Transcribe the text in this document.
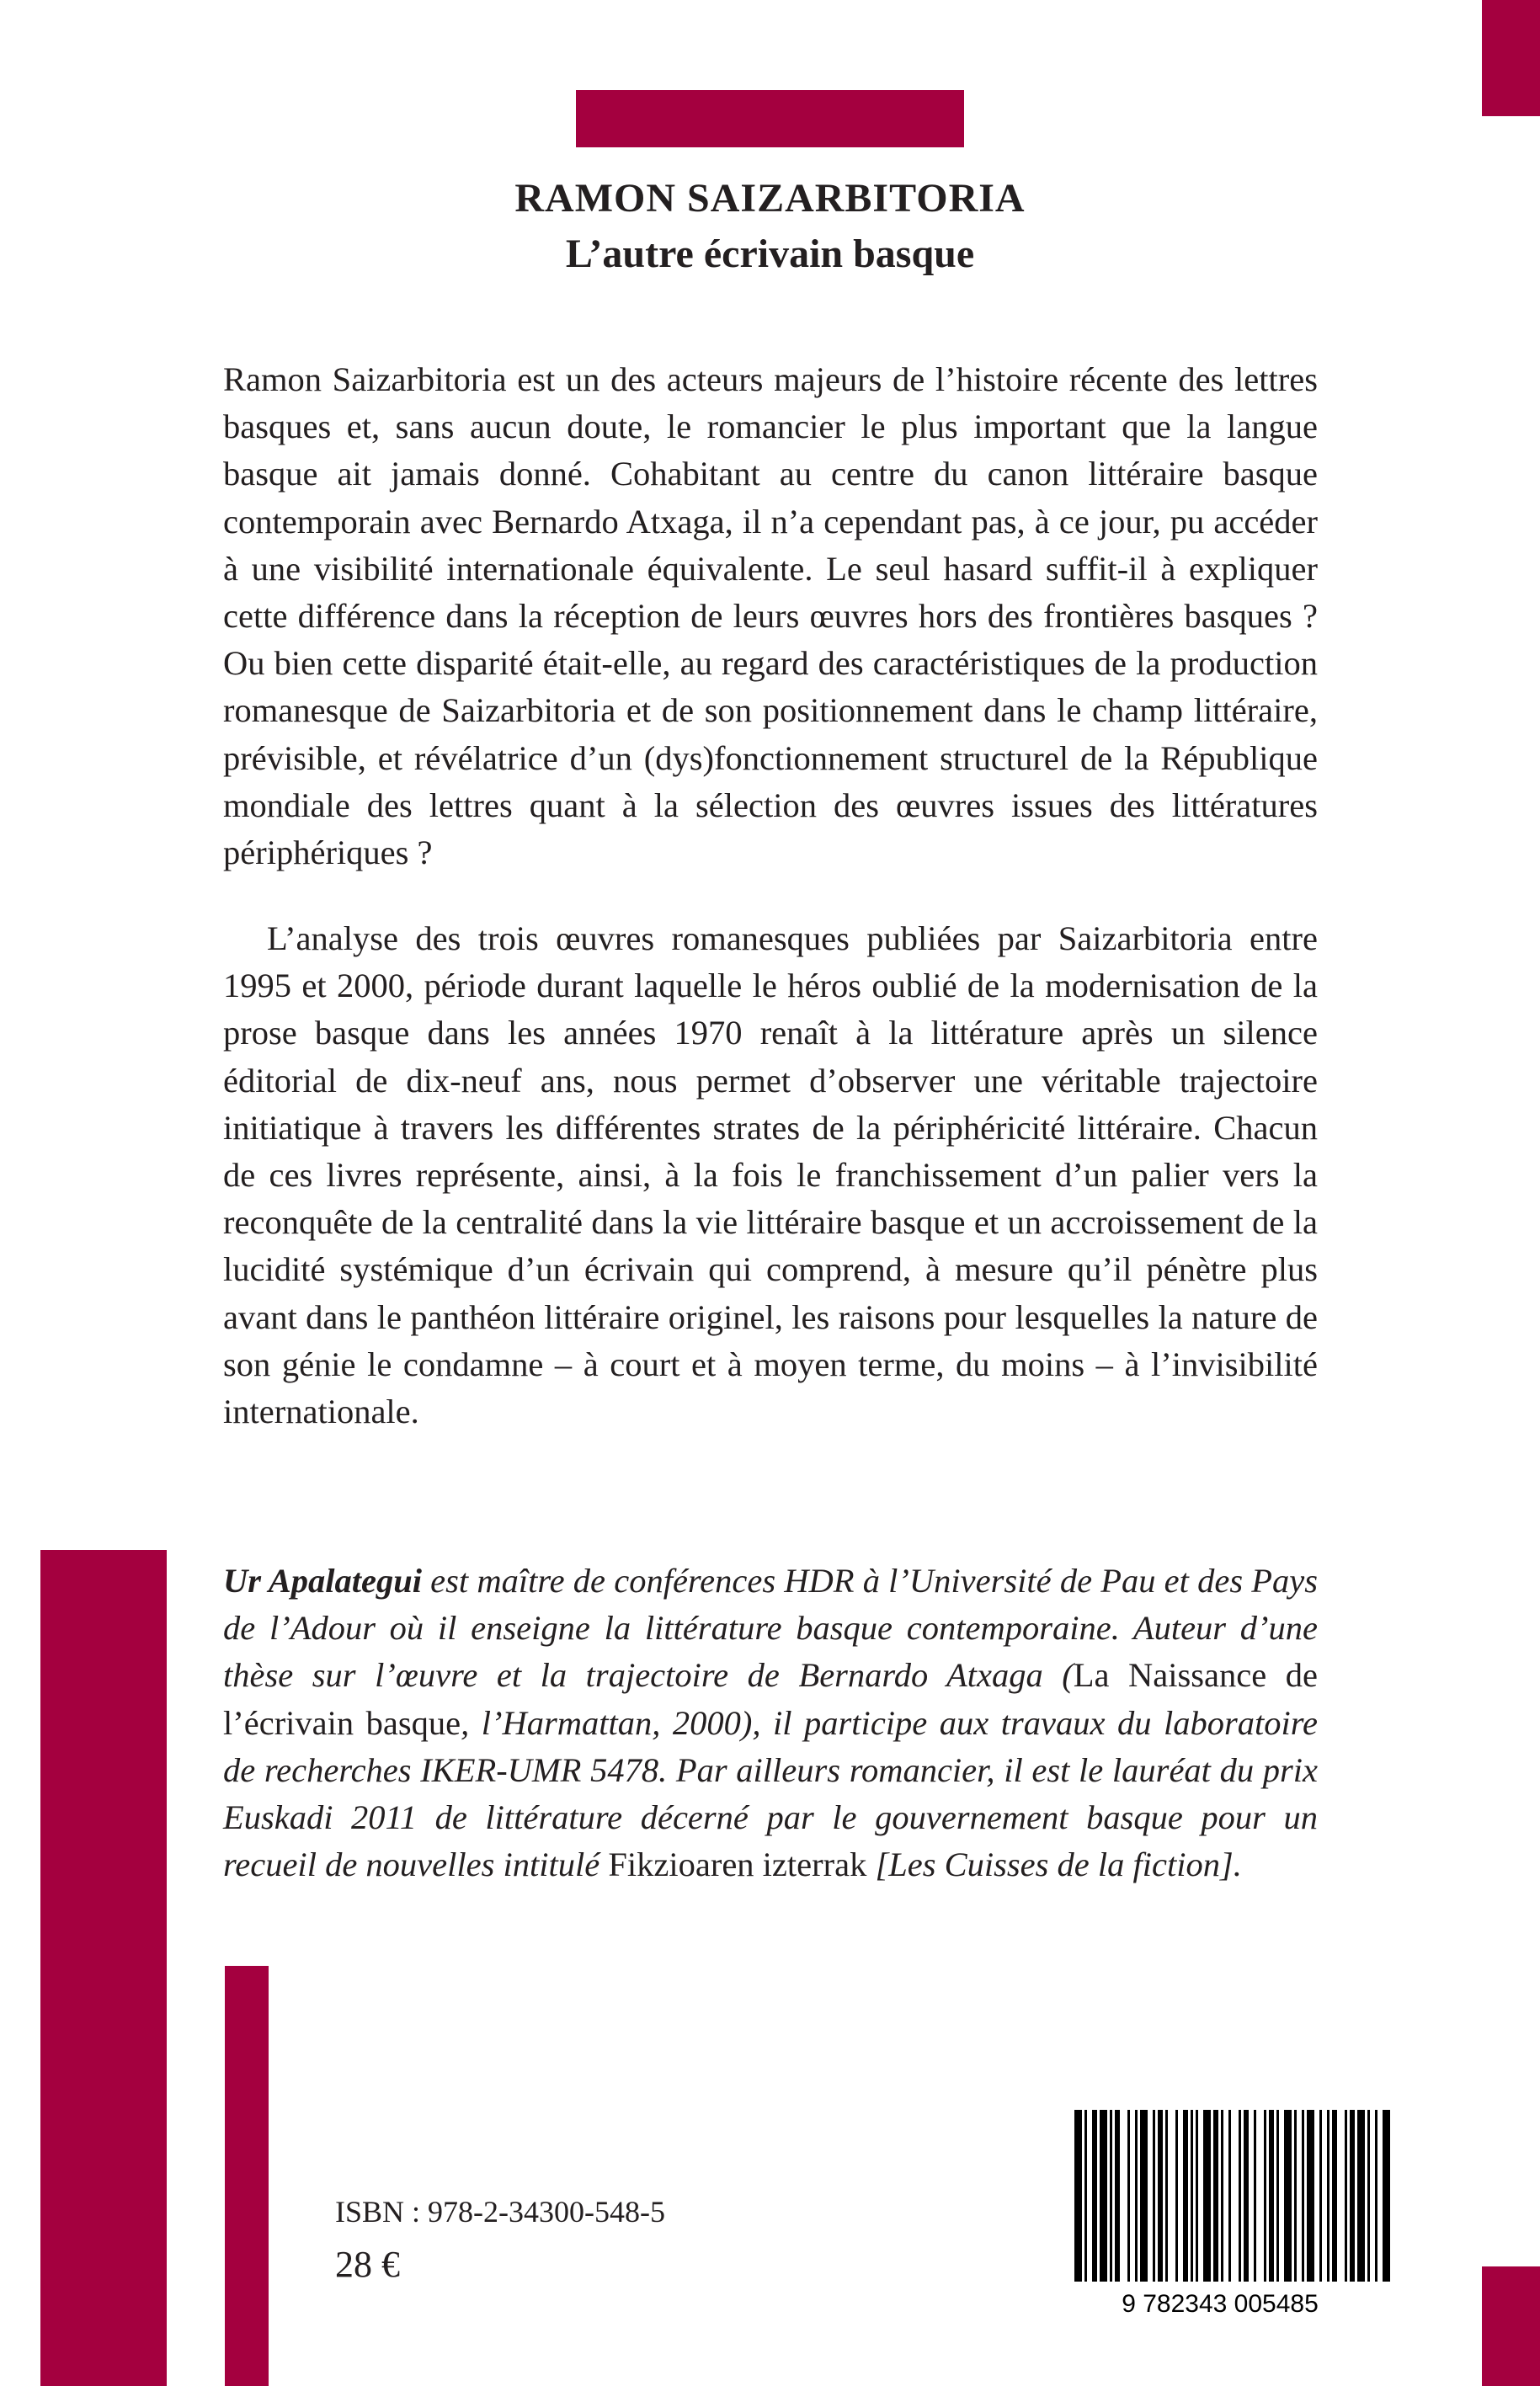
RAMON SAIZARBITORIA
L’autre écrivain basque

Ramon Saizarbitoria est un des acteurs majeurs de l’histoire récente des lettres basques et, sans aucun doute, le romancier le plus important que la langue basque ait jamais donné. Cohabitant au centre du canon littéraire basque contemporain avec Bernardo Atxaga, il n’a cependant pas, à ce jour, pu accéder à une visibilité internationale équivalente. Le seul hasard suffit-il à expliquer cette différence dans la réception de leurs œuvres hors des frontières basques ? Ou bien cette disparité était-elle, au regard des caractéristiques de la production romanesque de Saizarbitoria et de son positionnement dans le champ littéraire, prévisible, et révélatrice d’un (dys)fonctionnement structurel de la République mondiale des lettres quant à la sélection des œuvres issues des littératures périphériques ?

L’analyse des trois œuvres romanesques publiées par Saizarbitoria entre 1995 et 2000, période durant laquelle le héros oublié de la modernisation de la prose basque dans les années 1970 renaît à la littérature après un silence éditorial de dix-neuf ans, nous permet d’observer une véritable trajectoire initiatique à travers les différentes strates de la périphéricité littéraire. Chacun de ces livres représente, ainsi, à la fois le franchissement d’un palier vers la reconquête de la centralité dans la vie littéraire basque et un accroissement de la lucidité systémique d’un écrivain qui comprend, à mesure qu’il pénètre plus avant dans le panthéon littéraire originel, les raisons pour lesquelles la nature de son génie le condamne – à court et à moyen terme, du moins – à l’invisibilité internationale.

Ur Apalategui est maître de conférences HDR à l’Université de Pau et des Pays de l’Adour où il enseigne la littérature basque contemporaine. Auteur d’une thèse sur l’œuvre et la trajectoire de Bernardo Atxaga (La Naissance de l’écrivain basque, l’Harmattan, 2000), il participe aux travaux du laboratoire de recherches IKER-UMR 5478. Par ailleurs romancier, il est le lauréat du prix Euskadi 2011 de littérature décerné par le gouvernement basque pour un recueil de nouvelles intitulé Fikzioaren izterrak [Les Cuisses de la fiction].

ISBN : 978-2-34300-548-5

28 €

9 782343 005485
